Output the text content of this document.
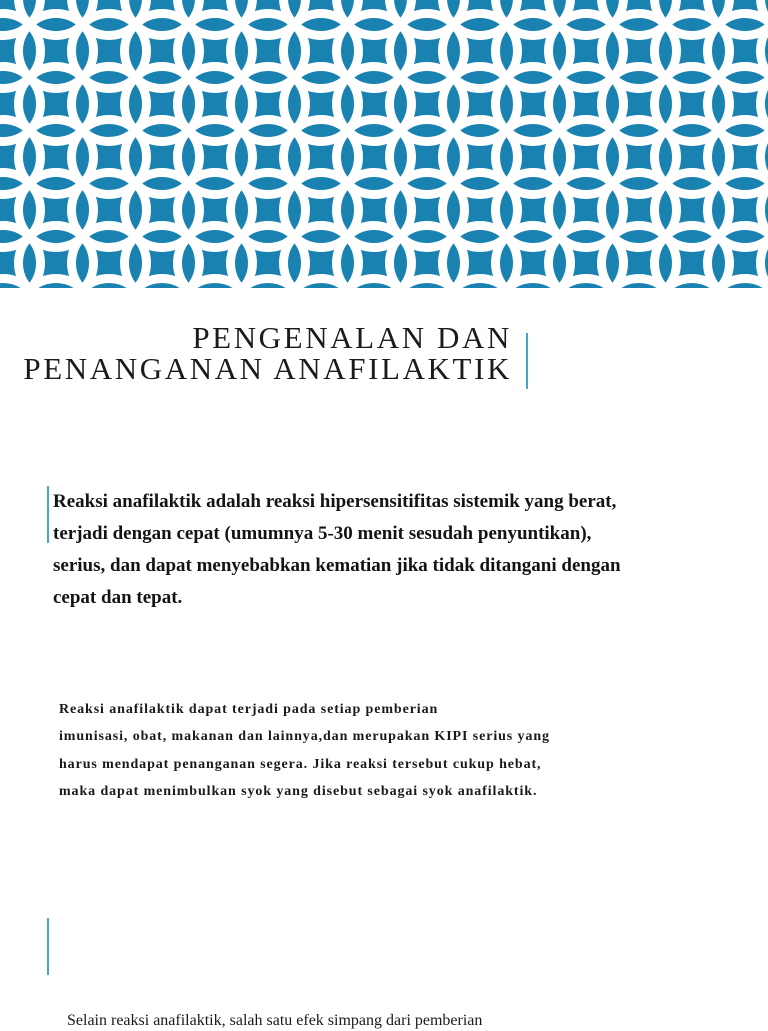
PENGENALAN DAN
PENANGANAN ANAFILAKTIK
Reaksi anafilaktik adalah reaksi hipersensitifitas sistemik yang berat,
terjadi dengan cepat (umumnya 5-30 menit sesudah penyuntikan),
serius, dan dapat menyebabkan kematian jika tidak ditangani dengan
cepat dan tepat.
Reaksi anafilaktik dapat terjadi pada setiap pemberian
imunisasi, obat, makanan dan lainnya,dan merupakan KIPI serius yang
harus mendapat penanganan segera. Jika reaksi tersebut cukup hebat,
maka dapat menimbulkan syok yang disebut sebagai syok anafilaktik.
Selain reaksi anafilaktik, salah satu efek simpang dari pemberian
